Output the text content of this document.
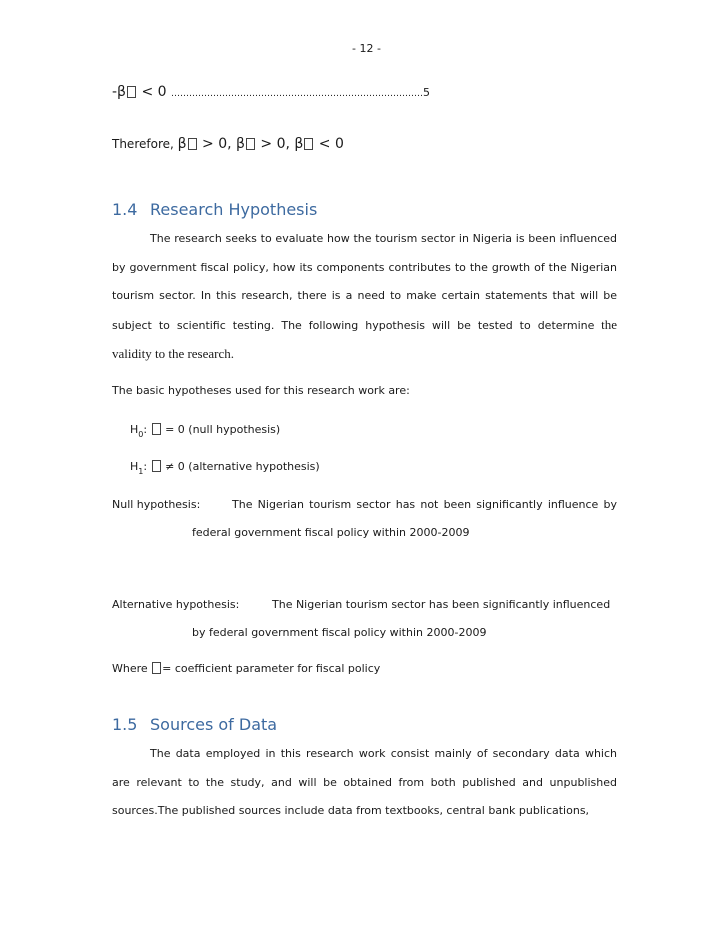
- 12 -
-β < 0 …………………………………………………………………………5
Therefore, β > 0, β > 0, β < 0
1.4 Research Hypothesis
The research seeks to evaluate how the tourism sector in Nigeria is been influenced by government fiscal policy, how its components contributes to the growth of the Nigerian tourism sector. In this research, there is a need to make certain statements that will be subject to scientific testing. The following hypothesis will be tested to determine the validity to the research.
The basic hypotheses used for this research work are:
$H_0$:  = 0 (null hypothesis)
$H_1$:  ≠ 0 (alternative hypothesis)
Null hypothesis:	The Nigerian tourism sector has not been significantly influence by
federal government fiscal policy within 2000-2009
Alternative hypothesis:	The Nigerian tourism sector has been significantly influenced
by federal government fiscal policy within 2000-2009
Where = coefficient parameter for fiscal policy
1.5 Sources of Data
The data employed in this research work consist mainly of secondary data which are relevant to the study, and will be obtained from both published and unpublished sources.The published sources include data from textbooks, central bank publications,
